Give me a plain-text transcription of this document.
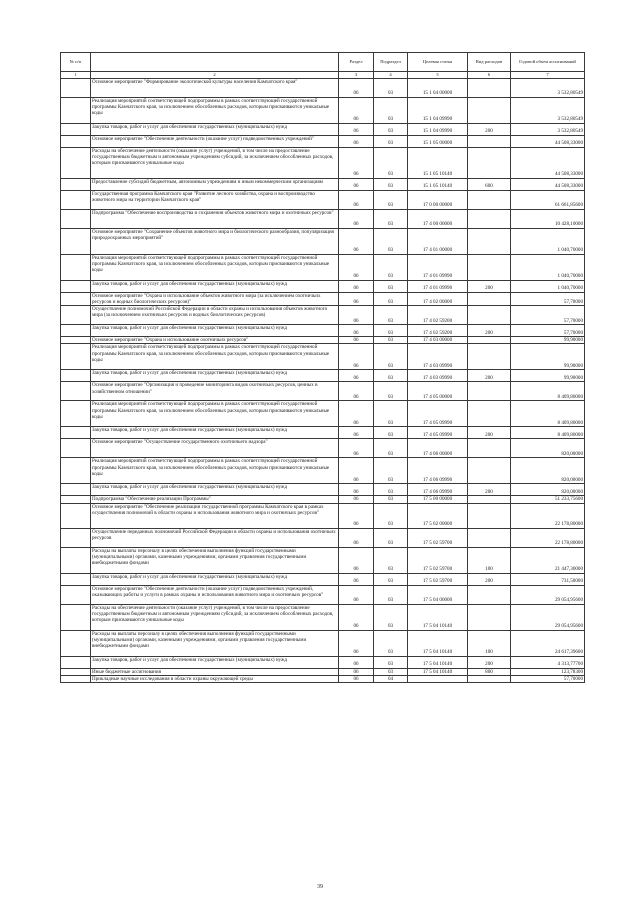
№ п/п		Раздел	Подраздел	Целевая статья	Вид расходов	Годовой объем ассигнований
1	2	3	4	5	6	7
	Основное мероприятие "Формирование экологической культуры населения Камчатского края"	06	03	15 1 04 00000		3 532,80549
	Реализация мероприятий соответствующей подпрограммы в рамках соответствующей государственной программы Камчатского края, за исключением обособленных расходов, которым присваиваются уникальные коды	06	03	15 1 04 09990		3 532,80549
	Закупка товаров, работ и услуг для обеспечения государственных (муниципальных) нужд	06	03	15 1 04 09990	200	3 532,80549
	Основное мероприятие "Обеспечение деятельности (оказание услуг) подведомственных учреждений"	06	03	15 1 05 00000		44 508,33000
	Расходы на обеспечение деятельности (оказание услуг) учреждений, в том числе на предоставление государственным бюджетным и автономным учреждениям субсидий, за исключением обособленных расходов, которым присваиваются уникальные коды	06	03	15 1 05 10140		44 508,33000
	Предоставление субсидий бюджетным, автономным учреждениям и иным некоммерческим организациям	06	03	15 1 05 10140	600	44 508,33000
	Государственная программа Камчатского края "Развитие лесного хозяйства, охрана и воспроизводство животного мира на территории Камчатского края"	06	03	17 0 00 00000		61 661,85600
	Подпрограмма "Обеспечение воспроизводства и сохранения объектов животного мира и охотничьих ресурсов"	06	03	17 4 00 00000		10 428,10000
	Основное мероприятие "Сохранение объектов животного мира и биологического разнообразия, популяризация природоохранных мероприятий"	06	03	17 4 01 00000		1 040,70000
	Реализация мероприятий соответствующей подпрограммы в рамках соответствующей государственной программы Камчатского края, за исключением обособленных расходов, которым присваиваются уникальные коды	06	03	17 4 01 09990		1 040,70000
	Закупка товаров, работ и услуг для обеспечения государственных (муниципальных) нужд	06	03	17 4 01 09990	200	1 040,70000
	Основное мероприятие "Охрана и использование объектов животного мира (за исключением охотничьих ресурсов и водных биологических ресурсов)"	06	03	17 4 02 00000		57,70000
	Осуществление полномочий Российской Федерации в области охраны и использования объектов животного мира (за исключением охотничьих ресурсов и водных биологических ресурсов)	06	03	17 4 02 59200		57,70000
	Закупка товаров, работ и услуг для обеспечения государственных (муниципальных) нужд	06	03	17 4 02 59200	200	57,70000
	Основное мероприятие "Охрана и использование охотничьих ресурсов"	06	03	17 4 03 00000		99,90000
	Реализация мероприятий соответствующей подпрограммы в рамках соответствующей государственной программы Камчатского края, за исключением обособленных расходов, которым присваиваются уникальные коды	06	03	17 4 03 09990		99,90000
	Закупка товаров, работ и услуг для обеспечения государственных (муниципальных) нужд	06	03	17 4 03 09990	200	99,90000
	Основное мероприятие "Организация и проведение мониторинга видов охотничьих ресурсов, ценных в хозяйственном отношении"	06	03	17 4 05 00000		8 409,80000
	Реализация мероприятий соответствующей подпрограммы в рамках соответствующей государственной программы Камчатского края, за исключением обособленных расходов, которым присваиваются уникальные коды	06	03	17 4 05 09990		8 409,80000
	Закупка товаров, работ и услуг для обеспечения государственных (муниципальных) нужд	06	03	17 4 05 09990	200	8 409,80000
	Основное мероприятие "Осуществление государственного охотничьего надзора"	06	03	17 4 06 00000		820,00000
	Реализация мероприятий соответствующей подпрограммы в рамках соответствующей государственной программы Камчатского края, за исключением обособленных расходов, которым присваиваются уникальные коды	06	03	17 4 06 09990		820,00000
	Закупка товаров, работ и услуг для обеспечения государственных (муниципальных) нужд	06	03	17 4 06 09990	200	820,00000
	Подпрограмма "Обеспечение реализации Программы"	06	03	17 5 00 00000		51 233,75600
	Основное мероприятие "Обеспечение реализации государственной программы Камчатского края в рамках осуществления полномочий в области охраны и использования животного мира и охотничьих ресурсов"	06	03	17 5 02 00000		22 178,80000
	Осуществление переданных полномочий Российской Федерации в области охраны и использования охотничьих ресурсов	06	03	17 5 02 59700		22 178,80000
	Расходы на выплаты персоналу в целях обеспечения выполнения функций государственными (муниципальными) органами, казенными учреждениями, органами управления государственными внебюджетными фондами	06	03	17 5 02 59700	100	21 447,30000
	Закупка товаров, работ и услуг для обеспечения государственных (муниципальных) нужд	06	03	17 5 02 59700	200	731,50000
	Основное мероприятие "Обеспечение деятельности (оказание услуг) подведомственных учреждений, оказывающих работы и услуги в рамках охраны и использования животного мира и охотничьих ресурсов"	06	03	17 5 04 00000		29 054,95600
	Расходы на обеспечение деятельности (оказание услуг) учреждений, в том числе на предоставление государственным бюджетным и автономным учреждениям субсидий, за исключением обособленных расходов, которым присваиваются уникальные коды	06	03	17 5 04 10140		29 054,95600
	Расходы на выплаты персоналу в целях обеспечения выполнения функций государственными (муниципальными) органами, казенными учреждениями, органами управления государственными внебюджетными фондами	06	03	17 5 04 10140	100	24 617,39600
	Закупка товаров, работ и услуг для обеспечения государственных (муниципальных) нужд	06	03	17 5 04 10140	200	4 313,77700
	Иные бюджетные ассигнования	06	03	17 5 04 10140	800	123,78300
	Прикладные научные исследования в области охраны окружающей среды	06	04			57,70000
39
